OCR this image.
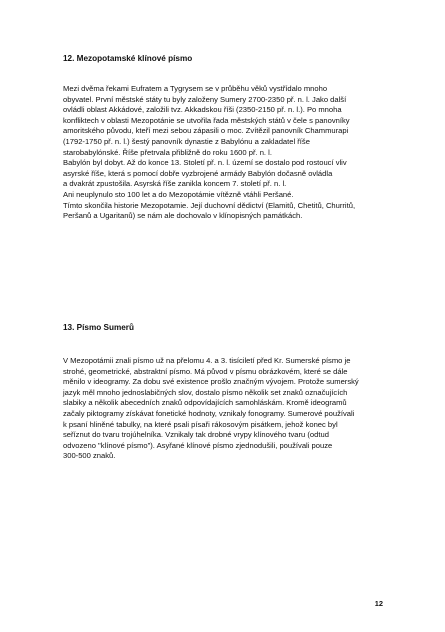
12. Mezopotamské klínové písmo
Mezi dvěma řekami Eufratem a Tygrysem se v průběhu věků vystřídalo mnoho
obyvatel. První městské státy tu byly založeny Sumery 2700-2350 př. n. l. Jako další
ovládli oblast Akkádové, založili tvz. Akkadskou říši (2350-2150 př. n. l.). Po mnoha
konfliktech v oblasti Mezopotánie se utvořila řada městských států v čele s panovníky
amoritského původu, kteří mezi sebou zápasili o moc. Zvítězil panovník Chammurapi
(1792-1750 př. n. l.) šestý panovník dynastie z Babylónu a zakladatel říše
starobabylónské. Říše přetrvala přibližně do roku 1600 př. n. l.
Babylón byl dobyt. Až do konce 13. Století př. n. l. území se dostalo pod rostoucí vliv
asyrské říše, která s pomocí dobře vyzbrojené armády Babylón dočasně ovládla
a dvakrát zpustošila. Asyrská říše zanikla koncem 7. století př. n. l.
Ani neuplynulo sto 100 let a do Mezopotámie vítězně vtáhli Peršané.
Tímto skončila historie Mezopotamie. Její duchovní dědictví (Elamitů, Chetitů, Churritů,
Peršanů a Ugaritanů) se nám ale dochovalo v klínopisných památkách.
13. Písmo Sumerů
V Mezopotámii znali písmo už na přelomu 4. a 3. tisíciletí před Kr. Sumerské písmo je
strohé, geometrické, abstraktní písmo. Má původ v písmu obrázkovém, které se dále
měnilo v ideogramy. Za dobu své existence prošlo značným vývojem. Protože sumerský
jazyk měl mnoho jednoslabičných slov, dostalo písmo několik set znaků označujících
slabiky a několik abecedních znaků odpovídajících samohláskám. Kromě ideogramů
začaly piktogramy získávat fonetické hodnoty, vznikaly fonogramy. Sumerové používali
k psaní hliněné tabulky, na které psali písaři rákosovým pisátkem, jehož konec byl
seříznut do tvaru trojúhelníka. Vznikaly tak drobné vrypy klínového tvaru (odtud
odvozeno "klínové písmo"). Asyřané klínové písmo zjednodušili, používali pouze
300-500 znaků.
12
